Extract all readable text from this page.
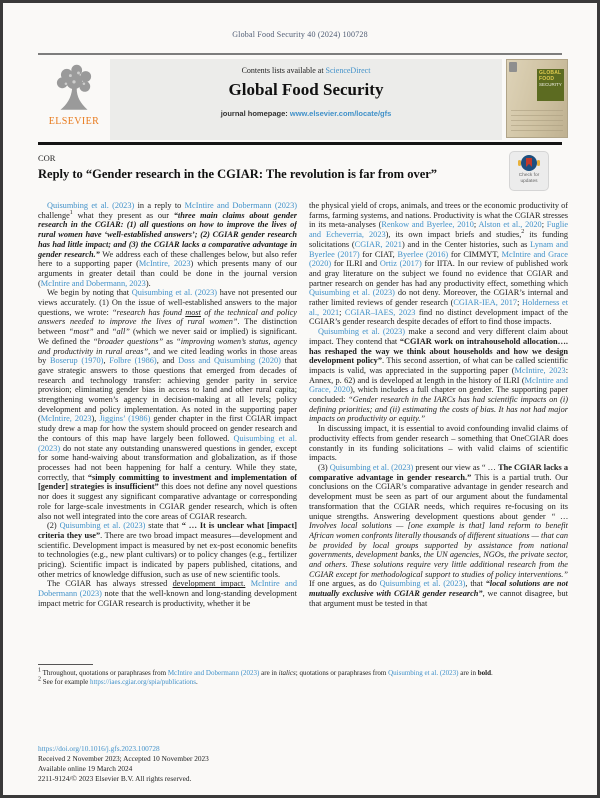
Global Food Security 40 (2024) 100728
ELSEVIER
Contents lists available at ScienceDirect
Global Food Security
journal homepage: www.elsevier.com/locate/gfs
GLOBAL
FOOD
SECURITY
COR
Check for
updates
Reply to “Gender research in the CGIAR: The revolution is far from over”

Quisumbing et al. (2023) in a reply to McIntire and Dobermann (2023) challenge$^1$ what they present as our “three main claims about gender research in the CGIAR: (1) all questions on how to improve the lives of rural women have ‘well-established answers’; (2) CGIAR gender research has had little impact; and (3) the CGIAR lacks a comparative advantage in gender research.” We address each of these challenges below, but also refer here to a supporting paper (McIntire, 2023) which presents many of our arguments in greater detail than could be done in the journal version (McIntire and Dobermann, 2023).

We begin by noting that Quisumbing et al. (2023) have not presented our views accurately. (1) On the issue of well-established answers to the major questions, we wrote: “research has found most of the technical and policy answers needed to improve the lives of rural women”. The distinction between “most” and “all” (which we never said or implied) is significant. We defined the “broader questions” as “improving women’s status, agency and productivity in rural areas”, and we cited leading works in those areas by Boserup (1970), Folbre (1986), and Doss and Quisumbing (2020) that gave strategic answers to those questions that emerged from decades of research and technology transfer: achieving gender parity in service provision; eliminating gender bias in access to land and other rural capita; strengthening women’s agency in decision-making at all levels; policy development and policy implementation. As noted in the supporting paper (McIntire, 2023), Jiggins’ (1986) gender chapter in the first CGIAR impact study drew a map for how the system should proceed on gender research and the contours of this map have largely been followed. Quisumbing et al. (2023) do not state any outstanding unanswered questions in gender, except for some hand-waiving about transformation and globalization, as if those processes had not been happening for half a century. While they state, correctly, that “simply committing to investment and implementation of [gender] strategies is insufficient” this does not define any novel questions nor does it suggest any significant comparative advantage or corresponding role for large-scale investments in CGIAR gender research, which is often also not well integrated into the core areas of CGIAR research.

(2) Quisumbing et al. (2023) state that “ … It is unclear what [impact] criteria they use”. There are two broad impact measures—development and scientific. Development impact is measured by net ex-post economic benefits to technologies (e.g., new plant cultivars) or to policy changes (e.g., fertilizer pricing). Scientific impact is indicated by papers published, citations, and other metrics of knowledge diffusion, such as use of new scientific tools.

The CGIAR has always stressed development impact. McIntire and Dobermann (2023) note that the well-known and long-standing development impact metric for CGIAR research is productivity, whether it be

the physical yield of crops, animals, and trees or the economic productivity of farms, farming systems, and nations. Productivity is what the CGIAR stresses in its meta-analyses (Renkow and Byerlee, 2010; Alston et al., 2020; Fuglie and Echeverria, 2023), its own impact briefs and studies,$^2$ its funding solicitations (CGIAR, 2021) and in the Center histories, such as Lynam and Byerlee (2017) for CIAT, Byerlee (2016) for CIMMYT, McIntire and Grace (2020) for ILRI and Ortiz (2017) for IITA. In our review of published work and gray literature on the subject we found no evidence that CGIAR and partner research on gender has had any productivity effect, something which Quisumbing et al. (2023) do not deny. Moreover, the CGIAR’s internal and rather limited reviews of gender research (CGIAR-IEA, 2017; Holderness et al., 2021; CGIAR–IAES, 2023 find no distinct development impact of the CGIAR’s gender research despite decades of effort to find those impacts.

Quisumbing et al. (2023) make a second and very different claim about impact. They contend that “CGIAR work on intrahousehold allocation…. has reshaped the way we think about households and how we design development policy”. This second assertion, of what can be called scientific impacts is valid, was appreciated in the supporting paper (McIntire, 2023: Annex, p. 62) and is developed at length in the history of ILRI (McIntire and Grace, 2020), which includes a full chapter on gender. The supporting paper concluded: “Gender research in the IARCs has had scientific impacts on (i) defining priorities; and (ii) estimating the costs of bias. It has not had major impacts on productivity or equity.”

In discussing impact, it is essential to avoid confounding invalid claims of productivity effects from gender research – something that OneCGIAR does constantly in its funding solicitations – with valid claims of scientific impacts.

(3) Quisumbing et al. (2023) present our view as “ … The CGIAR lacks a comparative advantage in gender research.” This is a partial truth. Our conclusions on the CGIAR’s comparative advantage in gender research and development must be seen as part of our argument about the fundamental transformation that the CGIAR needs, which requires re-focusing on its unique strengths. Answering development questions about gender “ … Involves local solutions — [one example is that] land reform to benefit African women confronts literally thousands of different situations — that can be provided by local groups supported by assistance from national governments, development banks, the UN agencies, NGOs, the private sector, and others. These solutions require very little additional research from the CGIAR except for methodological support to studies of policy interventions.” If one argues, as do Quisumbing et al. (2023), that “local solutions are not mutually exclusive with CGIAR gender research”, we cannot disagree, but that argument must be tested in that

1 Throughout, quotations or paraphrases from McIntire and Dobermann (2023) are in italics; quotations or paraphrases from Quisumbing et al. (2023) are in bold.

2 See for example https://iaes.cgiar.org/spia/publications.

https://doi.org/10.1016/j.gfs.2023.100728
Received 2 November 2023; Accepted 10 November 2023
Available online 19 March 2024
2211-9124/© 2023 Elsevier B.V. All rights reserved.
